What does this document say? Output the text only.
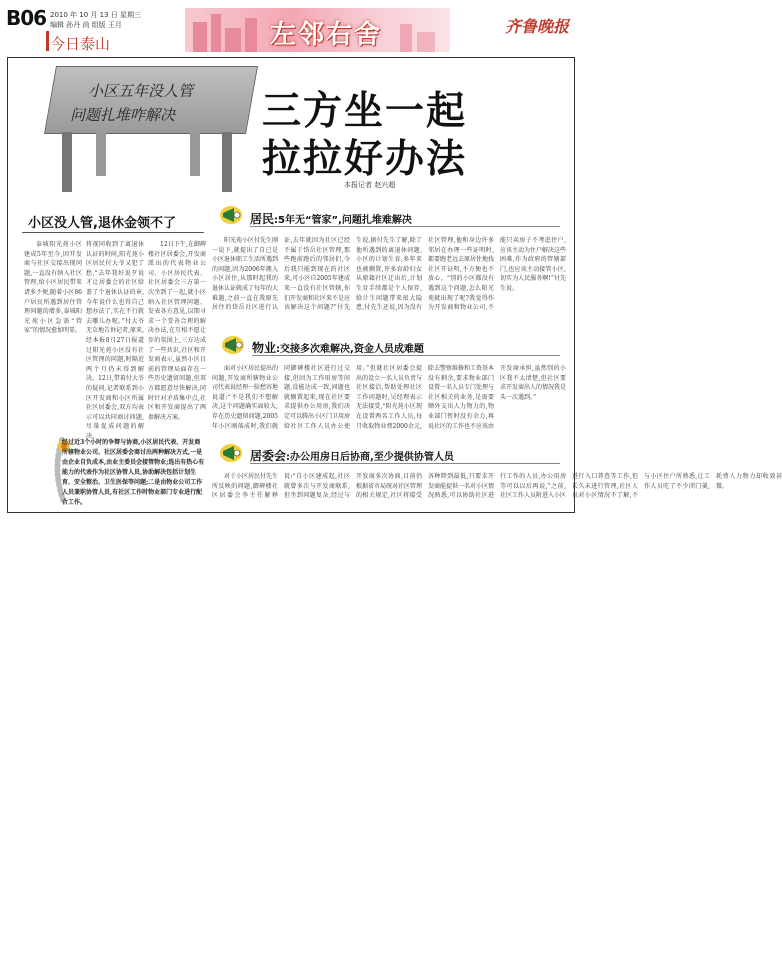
B06 2010 年 10 月 13 日 星期三
编辑 孙丹 尚 组版 王月
今日泰山	左邻右舍	齐鲁晚报
小区五年没人管
问题扎堆咋解决 三方坐一起
拉拉好办法
本报记者 赵兴超
小区没人管,退休金领不了
泰城阳光苑小区建成5年至今,因开发商与社区交接出现问题,一直没有纳入社区管理,给小区居民带来诸多不便,随着小区86户居民所遇到居住管理问题的增多,泰城阳光苑小区急需“管家”的情况愈加明显。
将视同收到了离退休认证的时间,阳光苑小区居民付大爷又犯了愁,“去年我好说歹说才让居委会的社区给盖了个退休认证的章,今年说什么也得自己想办法了,实在不行就去哪儿办呢。”付大爷无奈地告诉记者,原来,经本报8月27日报道过阳光苑小区没有社区管理的问题,时隔近两个月仍未得到解决。12日,带着付大爷的疑问,记者联系到小区开发商和小区所属社区居委会,双方均表示可以共同商讨问题,尽量促成问题的解决。
12日下午,在御碑楼社区居委会,开发商派出的代表物业公司、小区居民代表、社区居委会三方第一次坐到了一起,就小区纳入社区管理问题、发表各方意见,以期寻求一个妥善合理的解决办法,在互相不愿让步的氛围上,三方达成了一些共识,社区和开发商表示,虽然小区目前的管理局面存在一些历史遗留问题,但双方都愿意尽快解决,同时针对矛盾集中点,社区和开发商提出了两套解决方案。
经过近3个小时的争辩与协商,小区居民代表、开发商所辖物业公司、社区居委会商讨出两种解决方式,一是由企业自负成本,由业主委员会接管物业;选出有热心有能力的代表作为社区协管人员,协助解决包括计划生育、安全整治、卫生医保等问题;二是由物业公司工作人员兼职协管人员,有社区工作时物业部门专业进行配合工作。
居民:5年无“管家”,问题扎堆难解决
阳光苑小区付先生刚一说下,就提出了自己是小区退休职工生活所遇到的问题,因为2006年搬入小区居住,从那时起我的退休认证就成了每年的大难题,之前一直在我原先居住的岱岳社区进行认证,去年就因为社区已经不属于岱岳社区管理,那些跑前跑后的邻居们,今后我只能到现在的社区来,可小区自2005年建成来一直没有社区管辖,你们开发商和社区来不是应该解决这个问题?”付先生说,据付先生了解,除了他所遇到的离退休问题,小区的计划生育,多年来也被搁置,许多育龄妇女从原籍社区迁出后,计划生育手续都是个人保存,给计生问题带来很大隐患,付先生还说,因为没有社区管理,他和身边许多邻居在办理一些证明时,都要跑老远去原居住地找社区开证明,不方便也不放心。“别的小区都没有遇到这个问题,怎么阳光苑就出现了呢?我觉得作为开发商和物业公司,不能只卖房子不考虑住户,应该主动为住户解决这些困难,作为政府的管辖部门,也应该主动接管小区,切实为人民服务啊!”付先生说。
物业:交接多次难解决,资金人员成难题
面对小区居民提出的问题,开发商所辖物业公司代表说经理一脸愁容地说道:“不是我们不想解决,这个问题确实面较大,存在历史遗留问题,2005年小区刚落成时,我们就同御碑楼社区进行过交接,但因为工作用房等问题,没能达成一致,问题也就搁置起来,现在社区要求提供办公用房,我们决定可以腾出小区门卫用房给社区工作人员办公使用。”但就社区居委会提出的设立一名人员负责与社区接洽,帮助处理社区工作问题时,吴经理表示无法接受,“阳光苑小区现在设置两名工作人员,每月收取物业费2000余元,除去警察维修和工资基本没有剩余,要求物业部门设置一名人员专门处理与社区相关的业务,是需要额外支出人力物力的,物业部门暂时没有余力,再说社区的工作也不应该由开发商承担,虽然别的小区我不太清楚,但社区要求开发商出人的情况我是头一次遇到。”
居委会:办公用房日后协商,至少提供协管人员
对于小区居民付先生所反映的问题,御碑楼社区居委会李主任解释说:“自小区建成起,社区就曾多次与开发商联系,但坐到问题复杂,经过与开发商多次协商,目前仍根据省市局统对社区管理的相关规定,社区将接受各种降到最低,只要求开发商能提供一名对小区情况熟悉,可以协助社区进行工作的人员,办公用房等可以以后再说,”之前,社区工作人员附进入小区进行入口普查等工作,但长久未进行管理,社区人员对小区情况不了解,不与小区住户所熟悉,让工作人员吃了不少闭门羹,耗费人力物力却收效甚微。
